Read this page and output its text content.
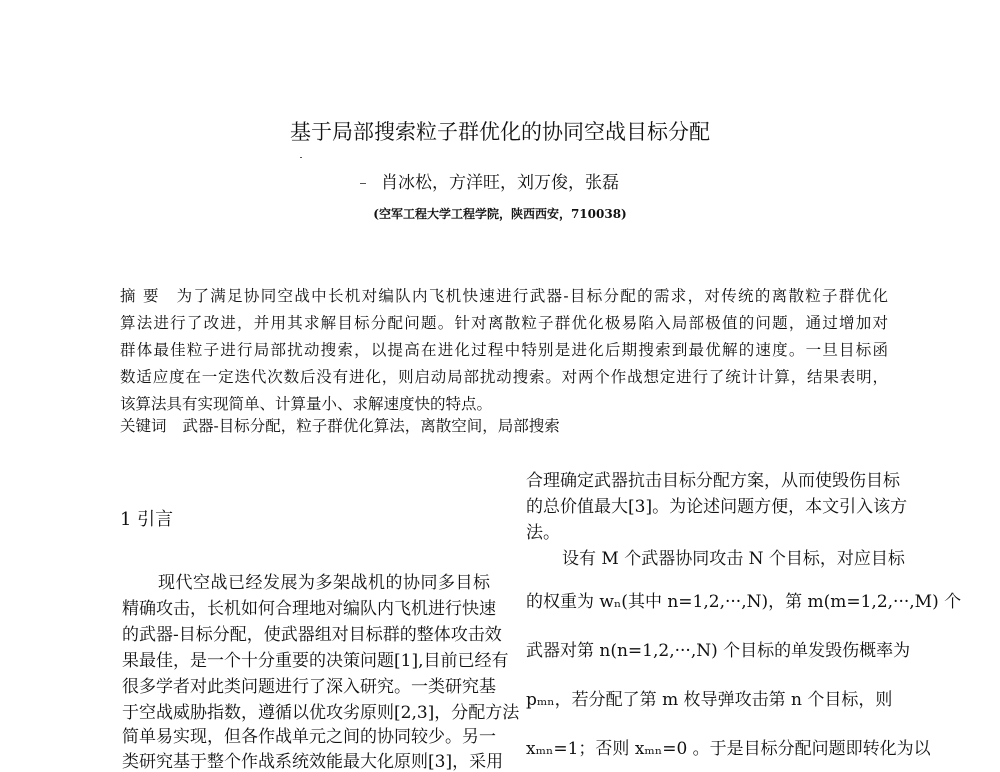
基于局部搜索粒子群优化的协同空战目标分配
肖冰松，方洋旺，刘万俊，张磊
(空军工程大学工程学院，陕西西安，710038)
摘 要　为了满足协同空战中长机对编队内飞机快速进行武器-目标分配的需求，对传统的离散粒子群优化
算法进行了改进，并用其求解目标分配问题。针对离散粒子群优化极易陷入局部极值的问题，通过增加对
群体最佳粒子进行局部扰动搜索，以提高在进化过程中特别是进化后期搜索到最优解的速度。一旦目标函
数适应度在一定迭代次数后没有进化，则启动局部扰动搜索。对两个作战想定进行了统计计算，结果表明，
该算法具有实现简单、计算量小、求解速度快的特点。
关键词 武器-目标分配，粒子群优化算法，离散空间，局部搜索
1 引言
现代空战已经发展为多架战机的协同多目标
精确攻击，长机如何合理地对编队内飞机进行快速
的武器-目标分配，使武器组对目标群的整体攻击效
果最佳，是一个十分重要的决策问题[1],目前已经有
很多学者对此类问题进行了深入研究。一类研究基
于空战威胁指数，遵循以优攻劣原则[2,3]，分配方法
简单易实现，但各作战单元之间的协同较少。另一
类研究基于整个作战系统效能最大化原则[3]，采用
合理确定武器抗击目标分配方案，从而使毁伤目标
的总价值最大[3]。为论述问题方便，本文引入该方
法。
设有 M 个武器协同攻击 N 个目标，对应目标
的权重为 wₙ(其中 n=1,2,···,N)，第 m(m=1,2,···,M) 个
武器对第 n(n=1,2,···,N) 个目标的单发毁伤概率为
pₘₙ，若分配了第 m 枚导弹攻击第 n 个目标，则
xₘₙ=1；否则 xₘₙ=0 。于是目标分配问题即转化为以
